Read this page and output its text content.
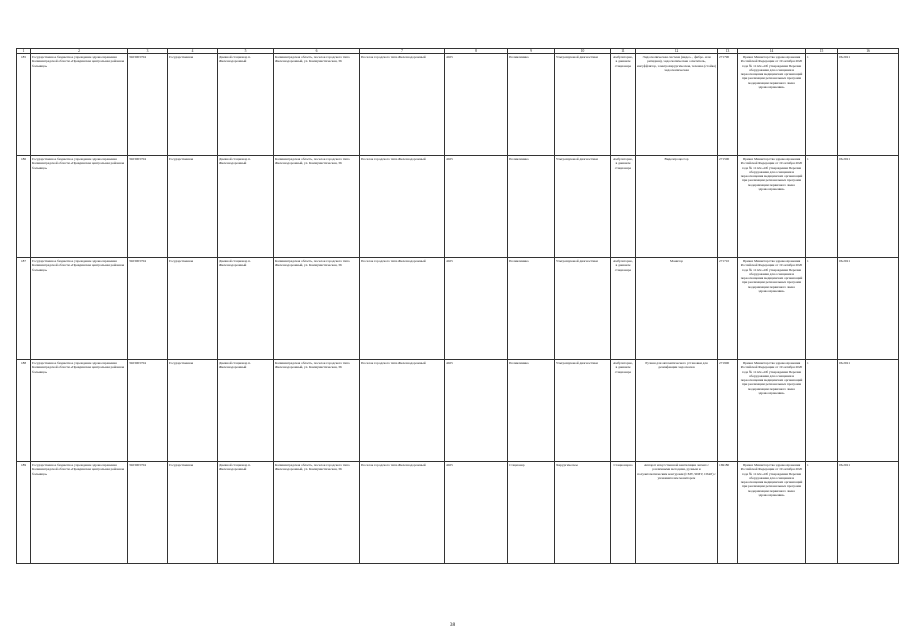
1	2	3	4	5	6	7	8	9	10	11	12	13	14	15	16
185	Государственное бюджетное учреждение здравоохранения Калининградской области «Правдинская центральная районная больница»	3923003704	Государственная	Дневной стационар п. Железнодорожный	Калининградская область, поселок городского типа Железнодорожный, ул. Коммунистическая, 36	Поселок городского типа Железнодорожный	4025	Поликлиника	Ультразвуковой диагностики	Амбулаторно, в дневном стационаре	Эндоскопическая система (видео- , фибро- или ригидная), эндоскопические осветитель, инсуффлятор, электрохирургическая, тележка (стойка) эндоскопическая	271790	Приказ Министерства здравоохранения Российской Федерации от 19 октября 2020 года № 1112н «Об утверждении Перечня оборудования для оснащения и переоснащения медицинских организаций при реализации региональных программ модернизации первичного звена здравоохранения»	1	06.2021
186	Государственное бюджетное учреждение здравоохранения Калининградской области «Правдинская центральная районная больница»	3923003704	Государственная	Дневной стационар п. Железнодорожный	Калининградская область, поселок городского типа Железнодорожный, ул. Коммунистическая, 36	Поселок городского типа Железнодорожный	4025	Поликлиника	Ультразвуковой диагностики	Амбулаторно, в дневном стационаре	Видеопроцессор	271500	Приказ Министерства здравоохранения Российской Федерации от 19 октября 2020 года № 1112н «Об утверждении Перечня оборудования для оснащения и переоснащения медицинских организаций при реализации региональных программ модернизации первичного звена здравоохранения»	1	06.2021
187	Государственное бюджетное учреждение здравоохранения Калининградской области «Правдинская центральная районная больница»	3923003704	Государственная	Дневной стационар п. Железнодорожный	Калининградская область, поселок городского типа Железнодорожный, ул. Коммунистическая, 36	Поселок городского типа Железнодорожный	4025	Поликлиника	Ультразвуковой диагностики	Амбулаторно, в дневном стационаре	Монитор	271710	Приказ Министерства здравоохранения Российской Федерации от 19 октября 2020 года № 1112н «Об утверждении Перечня оборудования для оснащения и переоснащения медицинских организаций при реализации региональных программ модернизации первичного звена здравоохранения»	1	06.2021
188	Государственное бюджетное учреждение здравоохранения Калининградской области «Правдинская центральная районная больница»	3923003704	Государственная	Дневной стационар п. Железнодорожный	Калининградская область, поселок городского типа Железнодорожный, ул. Коммунистическая, 36	Поселок городского типа Железнодорожный	4025	Поликлиника	Ультразвуковой диагностики	Амбулаторно, в дневном стационаре	Ручная для автоматического установки для дезинфекции эндоскопов	271900	Приказ Министерства здравоохранения Российской Федерации от 19 октября 2020 года № 1112н «Об утверждении Перечня оборудования для оснащения и переоснащения медицинских организаций при реализации региональных программ модернизации первичного звена здравоохранения»	1	06.2021
189	Государственное бюджетное учреждение здравоохранения Калининградской области «Правдинская центральная районная больница»	3923003704	Государственная	Дневной стационар п. Железнодорожный	Калининградская область, поселок городского типа Железнодорожный, ул. Коммунистическая, 36	Поселок городского типа Железнодорожный	4025	Стационар	Хирургическое	Стационарно	Аппарат искусственной вентиляции легких с различными методами, ручным и полуавтоматическим контурами (CMV, SIMV, CPAP) с увлажнителем монитором	169180	Приказ Министерства здравоохранения Российской Федерации от 19 октября 2020 года № 1112н «Об утверждении Перечня оборудования для оснащения и переоснащения медицинских организаций при реализации региональных программ модернизации первичного звена здравоохранения»	1	06.2021
38
